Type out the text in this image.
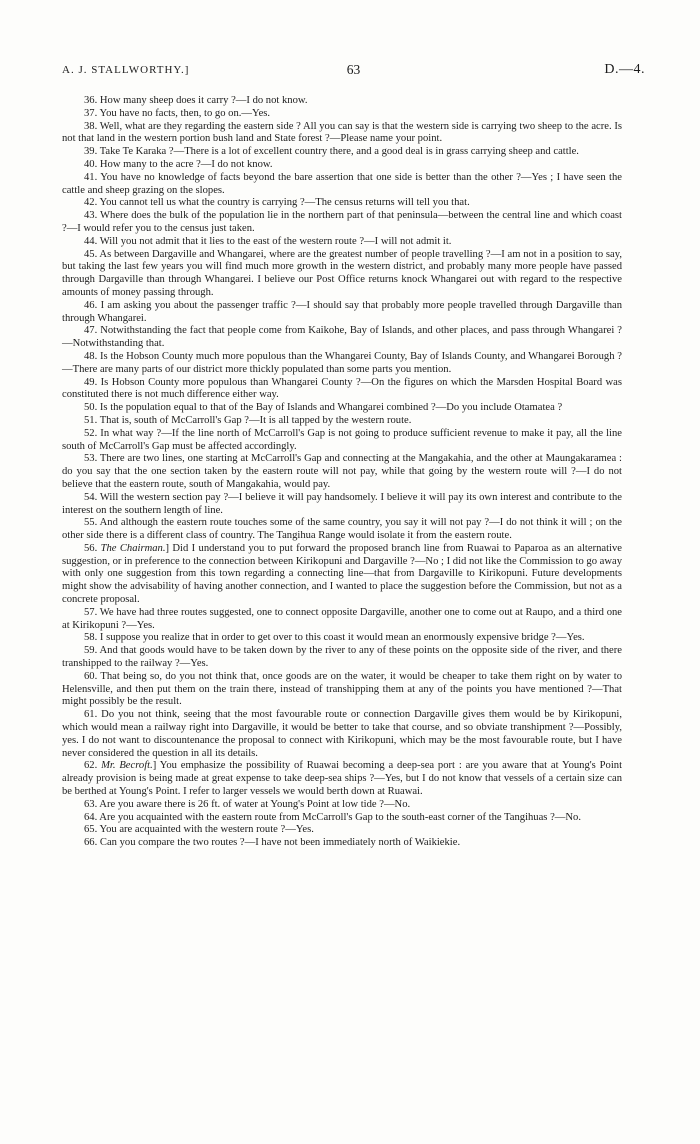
A. J. STALLWORTHY.]	63	D.—4.

36. How many sheep does it carry ?—I do not know.

37. You have no facts, then, to go on.—Yes.

38. Well, what are they regarding the eastern side ? All you can say is that the western side is carrying two sheep to the acre. Is not that land in the western portion bush land and State forest ?—Please name your point.

39. Take Te Karaka ?—There is a lot of excellent country there, and a good deal is in grass carrying sheep and cattle.

40. How many to the acre ?—I do not know.

41. You have no knowledge of facts beyond the bare assertion that one side is better than the other ?—Yes ; I have seen the cattle and sheep grazing on the slopes.

42. You cannot tell us what the country is carrying ?—The census returns will tell you that.

43. Where does the bulk of the population lie in the northern part of that peninsula—between the central line and which coast ?—I would refer you to the census just taken.

44. Will you not admit that it lies to the east of the western route ?—I will not admit it.

45. As between Dargaville and Whangarei, where are the greatest number of people travelling ?—I am not in a position to say, but taking the last few years you will find much more growth in the western district, and probably many more people have passed through Dargaville than through Whangarei. I believe our Post Office returns knock Whangarei out with regard to the respective amounts of money passing through.

46. I am asking you about the passenger traffic ?—I should say that probably more people travelled through Dargaville than through Whangarei.

47. Notwithstanding the fact that people come from Kaikohe, Bay of Islands, and other places, and pass through Whangarei ?—Notwithstanding that.

48. Is the Hobson County much more populous than the Whangarei County, Bay of Islands County, and Whangarei Borough ?—There are many parts of our district more thickly populated than some parts you mention.

49. Is Hobson County more populous than Whangarei County ?—On the figures on which the Marsden Hospital Board was constituted there is not much difference either way.

50. Is the population equal to that of the Bay of Islands and Whangarei combined ?—Do you include Otamatea ?

51. That is, south of McCarroll's Gap ?—It is all tapped by the western route.

52. In what way ?—If the line north of McCarroll's Gap is not going to produce sufficient revenue to make it pay, all the line south of McCarroll's Gap must be affected accordingly.

53. There are two lines, one starting at McCarroll's Gap and connecting at the Mangakahia, and the other at Maungakaramea : do you say that the one section taken by the eastern route will not pay, while that going by the western route will ?—I do not believe that the eastern route, south of Mangakahia, would pay.

54. Will the western section pay ?—I believe it will pay handsomely. I believe it will pay its own interest and contribute to the interest on the southern length of line.

55. And although the eastern route touches some of the same country, you say it will not pay ?—I do not think it will ; on the other side there is a different class of country. The Tangihua Range would isolate it from the eastern route.

56. The Chairman.] Did I understand you to put forward the proposed branch line from Ruawai to Paparoa as an alternative suggestion, or in preference to the connection between Kirikopuni and Dargaville ?—No ; I did not like the Commission to go away with only one suggestion from this town regarding a connecting line—that from Dargaville to Kirikopuni. Future developments might show the advisability of having another connection, and I wanted to place the suggestion before the Commission, but not as a concrete proposal.

57. We have had three routes suggested, one to connect opposite Dargaville, another one to come out at Raupo, and a third one at Kirikopuni ?—Yes.

58. I suppose you realize that in order to get over to this coast it would mean an enormously expensive bridge ?—Yes.

59. And that goods would have to be taken down by the river to any of these points on the opposite side of the river, and there transhipped to the railway ?—Yes.

60. That being so, do you not think that, once goods are on the water, it would be cheaper to take them right on by water to Helensville, and then put them on the train there, instead of transhipping them at any of the points you have mentioned ?—That might possibly be the result.

61. Do you not think, seeing that the most favourable route or connection Dargaville gives them would be by Kirikopuni, which would mean a railway right into Dargaville, it would be better to take that course, and so obviate transhipment ?—Possibly, yes. I do not want to discountenance the proposal to connect with Kirikopuni, which may be the most favourable route, but I have never considered the question in all its details.

62. Mr. Becroft.] You emphasize the possibility of Ruawai becoming a deep-sea port : are you aware that at Young's Point already provision is being made at great expense to take deep-sea ships ?—Yes, but I do not know that vessels of a certain size can be berthed at Young's Point. I refer to larger vessels we would berth down at Ruawai.

63. Are you aware there is 26 ft. of water at Young's Point at low tide ?—No.

64. Are you acquainted with the eastern route from McCarroll's Gap to the south-east corner of the Tangihuas ?—No.

65. You are acquainted with the western route ?—Yes.

66. Can you compare the two routes ?—I have not been immediately north of Waikiekie.
